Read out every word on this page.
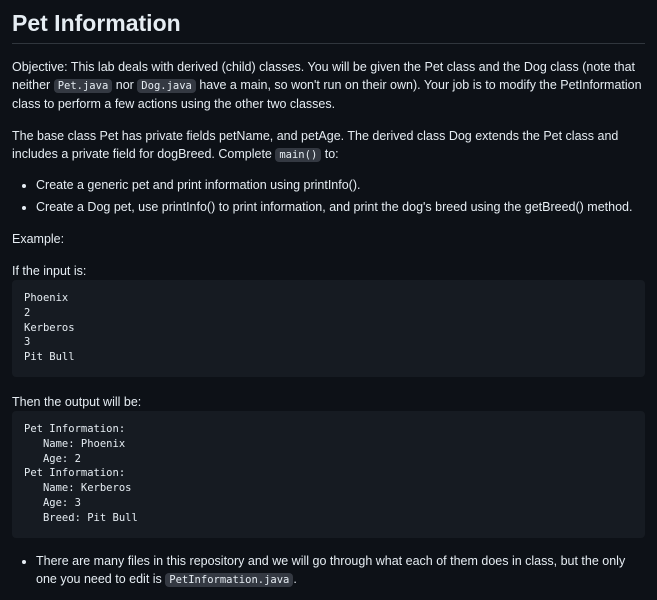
Pet Information

Objective: This lab deals with derived (child) classes. You will be given the Pet class and the Dog class (note that neither Pet.java nor Dog.java have a main, so won't run on their own). Your job is to modify the PetInformation class to perform a few actions using the other two classes.

The base class Pet has private fields petName, and petAge. The derived class Dog extends the Pet class and includes a private field for dogBreed. Complete main() to:

• Create a generic pet and print information using printInfo().
• Create a Dog pet, use printInfo() to print information, and print the dog's breed using the getBreed() method.

Example:

If the input is:

Phoenix
2
Kerberos
3
Pit Bull

Then the output will be:

Pet Information:
Name: Phoenix
Age: 2
Pet Information:
Name: Kerberos
Age: 3
Breed: Pit Bull
• There are many files in this repository and we will go through what each of them does in class, but the only one you need to edit is PetInformation.java .
